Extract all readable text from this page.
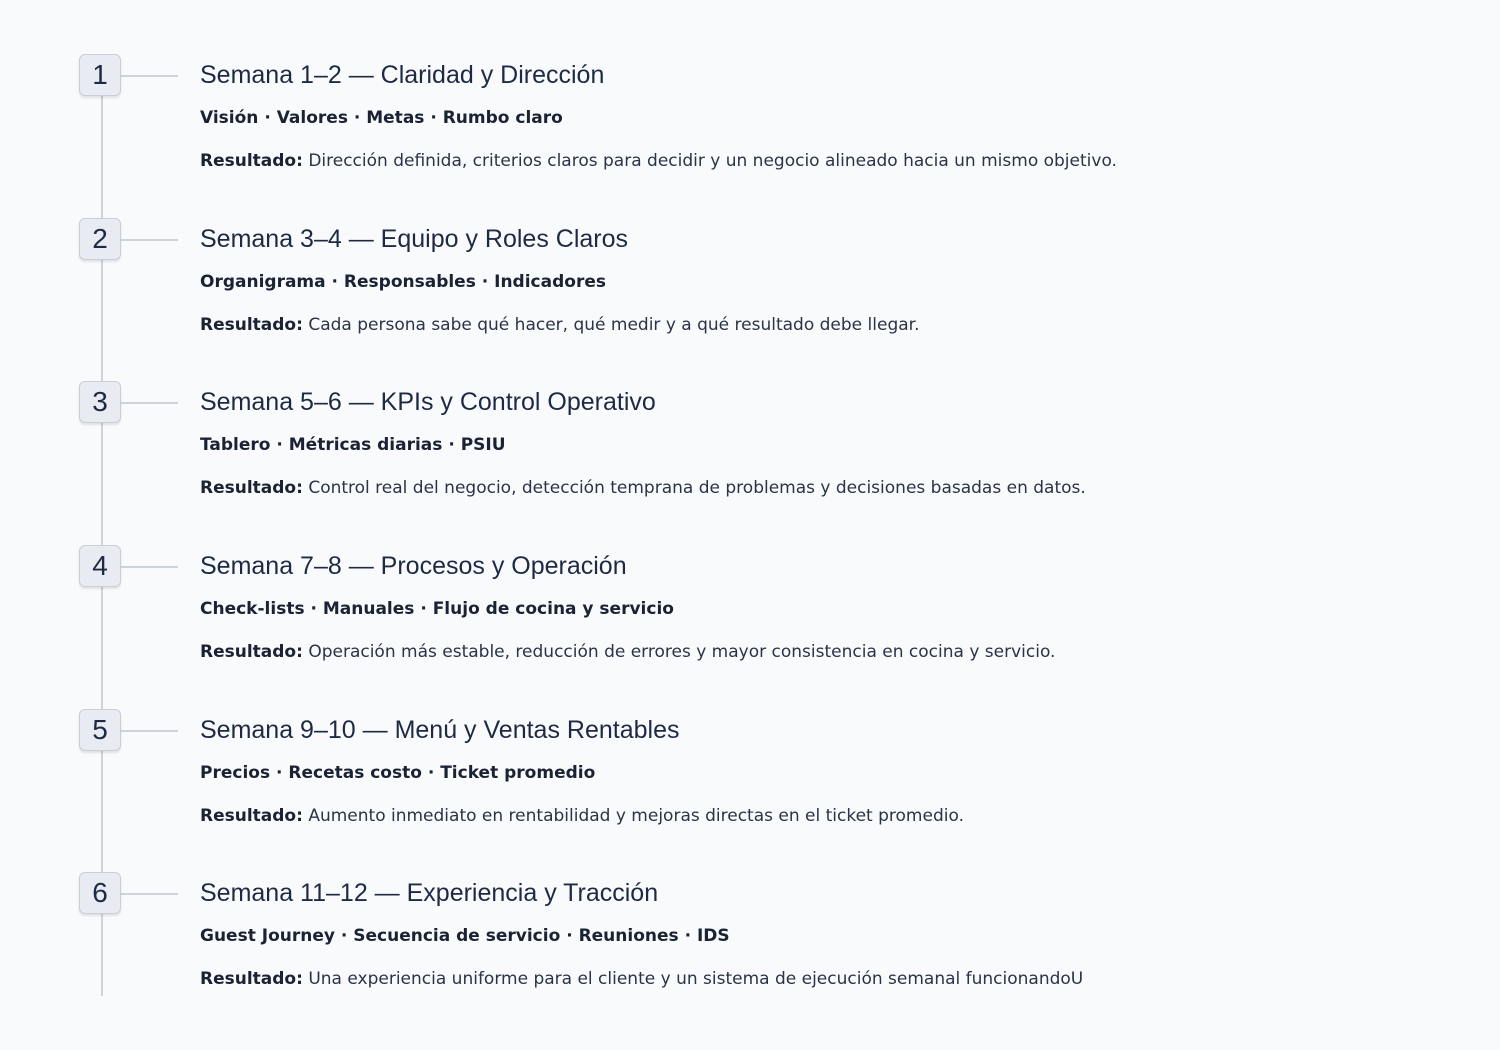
1	Semana 1–2 — Claridad y Dirección
Visión · Valores · Metas · Rumbo claro
Resultado: Dirección definida, criterios claros para decidir y un negocio alineado hacia un mismo objetivo.
2	Semana 3–4 — Equipo y Roles Claros
Organigrama · Responsables · Indicadores
Resultado: Cada persona sabe qué hacer, qué medir y a qué resultado debe llegar.
3	Semana 5–6 — KPIs y Control Operativo
Tablero · Métricas diarias · PSIU
Resultado: Control real del negocio, detección temprana de problemas y decisiones basadas en datos.
4	Semana 7–8 — Procesos y Operación
Check-lists · Manuales · Flujo de cocina y servicio
Resultado: Operación más estable, reducción de errores y mayor consistencia en cocina y servicio.
5	Semana 9–10 — Menú y Ventas Rentables
Precios · Recetas costo · Ticket promedio
Resultado: Aumento inmediato en rentabilidad y mejoras directas en el ticket promedio.
6	Semana 11–12 — Experiencia y Tracción
Guest Journey · Secuencia de servicio · Reuniones · IDS
Resultado: Una experiencia uniforme para el cliente y un sistema de ejecución semanal funcionandoU
